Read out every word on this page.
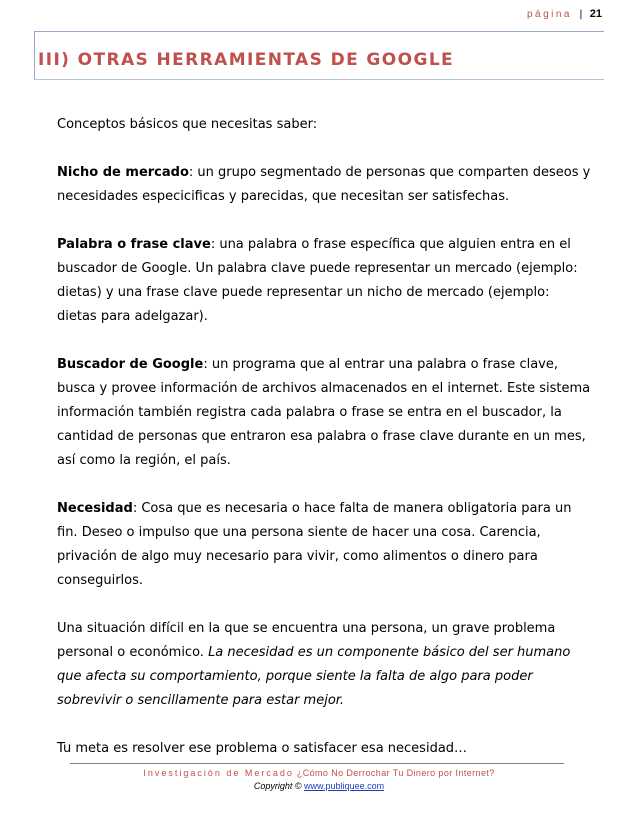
página | 21
III) OTRAS HERRAMIENTAS DE GOOGLE

Conceptos básicos que necesitas saber:

Nicho de mercado: un grupo segmentado de personas que comparten deseos y necesidades especicificas y parecidas, que necesitan ser satisfechas.

Palabra o frase clave: una palabra o frase específica que alguien entra en el buscador de Google. Un palabra clave puede representar un mercado (ejemplo: dietas) y una frase clave puede representar un nicho de mercado (ejemplo: dietas para adelgazar).

Buscador de Google: un programa que al entrar una palabra o frase clave, busca y provee información de archivos almacenados en el internet. Este sistema información también registra cada palabra o frase se entra en el buscador, la cantidad de personas que entraron esa palabra o frase clave durante en un mes, así como la región, el país.

Necesidad: Cosa que es necesaria o hace falta de manera obligatoria para un fin. Deseo o impulso que una persona siente de hacer una cosa. Carencia, privación de algo muy necesario para vivir, como alimentos o dinero para conseguirlos.

Una situación difícil en la que se encuentra una persona, un grave problema personal o económico. La necesidad es un componente básico del ser humano que afecta su comportamiento, porque siente la falta de algo para poder sobrevivir o sencillamente para estar mejor.

Tu meta es resolver ese problema o satisfacer esa necesidad…

Investigación de Mercado ¿Cómo No Derrochar Tu Dinero por Internet?
Copyright © www.publiquee.com
